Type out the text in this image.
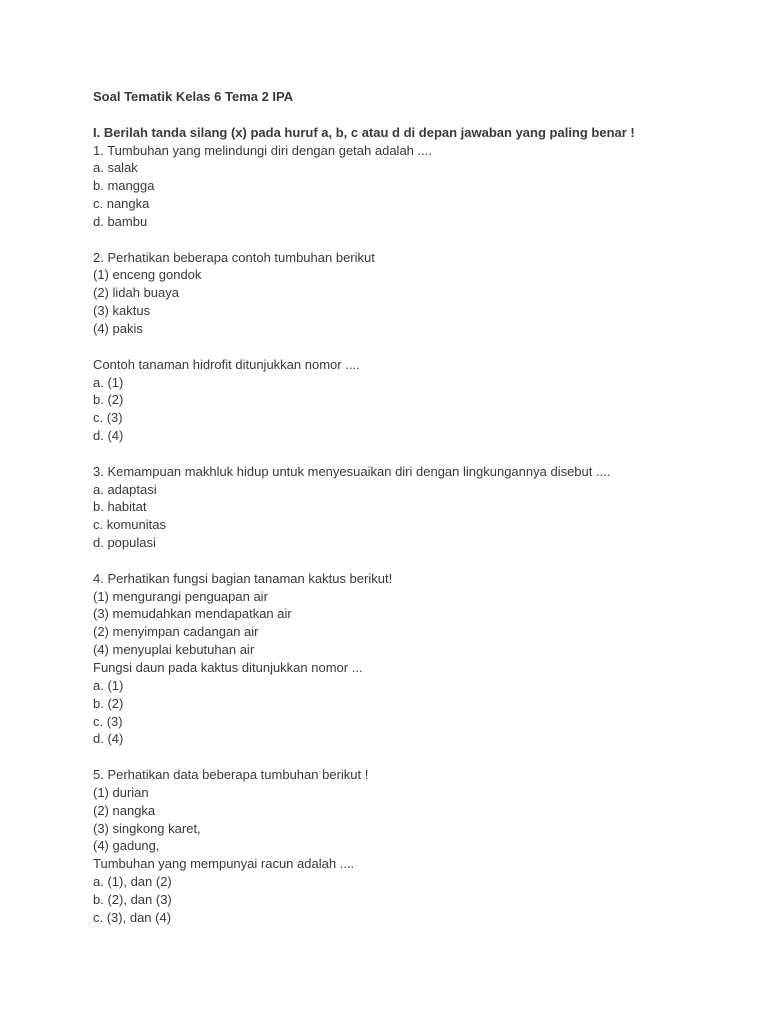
Soal Tematik Kelas 6 Tema 2 IPA
I. Berilah tanda silang (x) pada huruf a, b, c atau d di depan jawaban yang paling benar !
1. Tumbuhan yang melindungi diri dengan getah adalah ....
a. salak
b. mangga
c. nangka
d. bambu
2. Perhatikan beberapa contoh tumbuhan berikut
(1) enceng gondok
(2) lidah buaya
(3) kaktus
(4) pakis
Contoh tanaman hidrofit ditunjukkan nomor ....
a. (1)
b. (2)
c. (3)
d. (4)
3. Kemampuan makhluk hidup untuk menyesuaikan diri dengan lingkungannya disebut ....
a. adaptasi
b. habitat
c. komunitas
d. populasi
4. Perhatikan fungsi bagian tanaman kaktus berikut!
(1) mengurangi penguapan air
(3) memudahkan mendapatkan air
(2) menyimpan cadangan air
(4) menyuplai kebutuhan air
Fungsi daun pada kaktus ditunjukkan nomor ...
a. (1)
b. (2)
c. (3)
d. (4)
5. Perhatikan data beberapa tumbuhan berikut !
(1) durian
(2) nangka
(3) singkong karet,
(4) gadung,
Tumbuhan yang mempunyai racun adalah ....
a. (1), dan (2)
b. (2), dan (3)
c. (3), dan (4)
